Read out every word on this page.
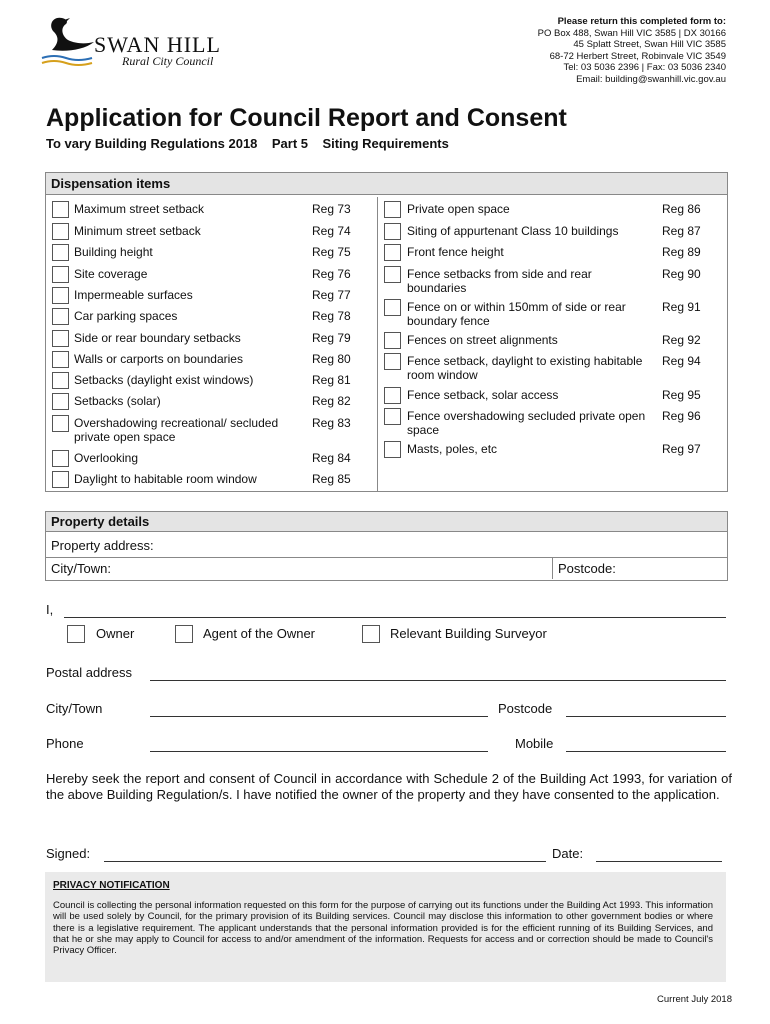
SWAN HILL
Rural City Council
Please return this completed form to:
PO Box 488, Swan Hill VIC 3585 | DX 30166
45 Splatt Street, Swan Hill VIC 3585
68-72 Herbert Street, Robinvale VIC 3549
Tel: 03 5036 2396 | Fax: 03 5036 2340
Email: building@swanhill.vic.gov.au
Application for Council Report and Consent
To vary Building Regulations 2018    Part 5    Siting Requirements
Dispensation items
Maximum street setback	Reg 73
Minimum street setback	Reg 74
Building height	Reg 75
Site coverage	Reg 76
Impermeable surfaces	Reg 77
Car parking spaces	Reg 78
Side or rear boundary setbacks	Reg 79
Walls or carports on boundaries	Reg 80
Setbacks (daylight exist windows)	Reg 81
Setbacks (solar)	Reg 82
Overshadowing recreational/ secluded private open space
Reg 83
Overlooking	Reg 84
Daylight to habitable room window	Reg 85
Private open space	Reg 86
Siting of appurtenant Class 10 buildings	Reg 87
Front fence height	Reg 89
Fence setbacks from side and rear boundaries
Reg 90
Fence on or within 150mm of side or rear boundary fence
Reg 91
Fences on street alignments	Reg 92
Fence setback, daylight to existing habitable room window
Reg 94
Fence setback, solar access	Reg 95
Fence overshadowing secluded private open space
Reg 96
Masts, poles, etc	Reg 97
Property details
Property address:
City/Town:	Postcode:
I,
Owner	Agent of the Owner	Relevant Building Surveyor
Postal address
City/Town	Postcode
Phone	Mobile
Hereby seek the report and consent of Council in accordance with Schedule 2 of the Building Act 1993, for variation of the above Building Regulation/s. I have notified the owner of the property and they have consented to the application.
Signed:	Date:
PRIVACY NOTIFICATION
Council is collecting the personal information requested on this form for the purpose of carrying out its functions under the Building Act 1993. This information will be used solely by Council, for the primary provision of its Building services. Council may disclose this information to other government bodies or where there is a legislative requirement. The applicant understands that the personal information provided is for the efficient running of its Building Services, and that he or she may apply to Council for access to and/or amendment of the information. Requests for access and or correction should be made to Council's Privacy Officer.
Current July 2018
